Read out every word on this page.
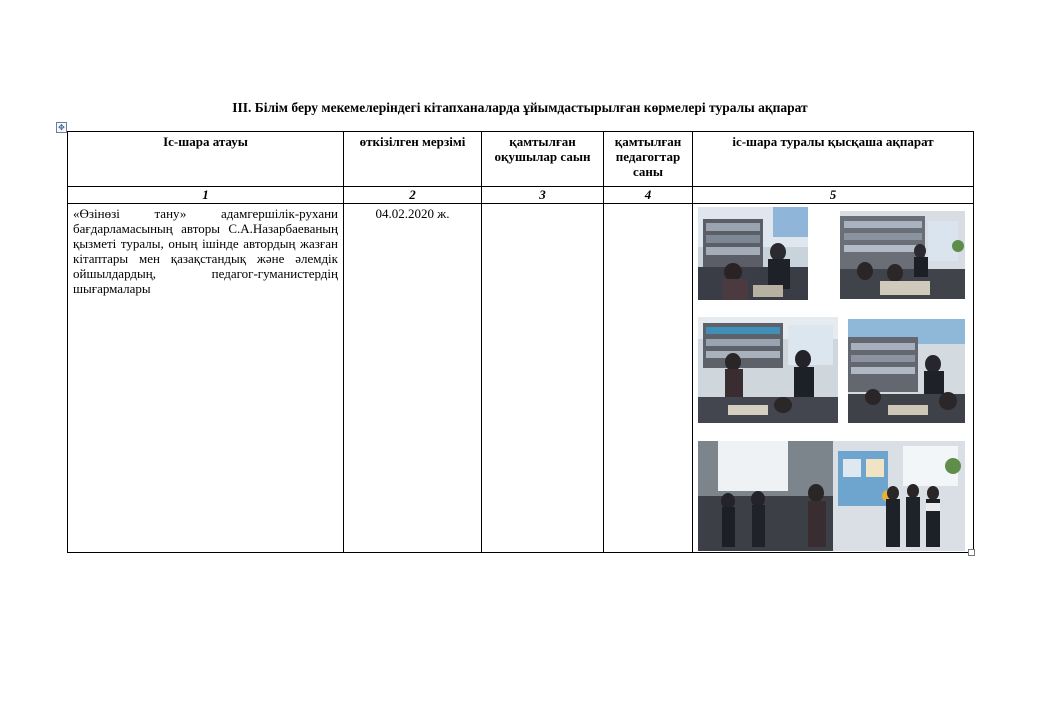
III. Білім беру мекемелеріндегі кітапханаларда ұйымдастырылған көрмелері туралы ақпарат
✥
Іс-шара атауы	өткізілген мерзімі	қамтылған оқушылар саын	қамтылған педагогтар саны	іс-шара туралы қысқаша ақпарат
1	2	3	4	5

«Өзінөзі тану» адамгершілік-рухани бағдарламасының авторы С.А.Назарбаеваның қызметі туралы, оның ішінде автордың жазған кітаптары мен қазақстандық және әлемдік ойшылдардың, педагог-гуманистердің шығармалары	04.02.2020 ж.
